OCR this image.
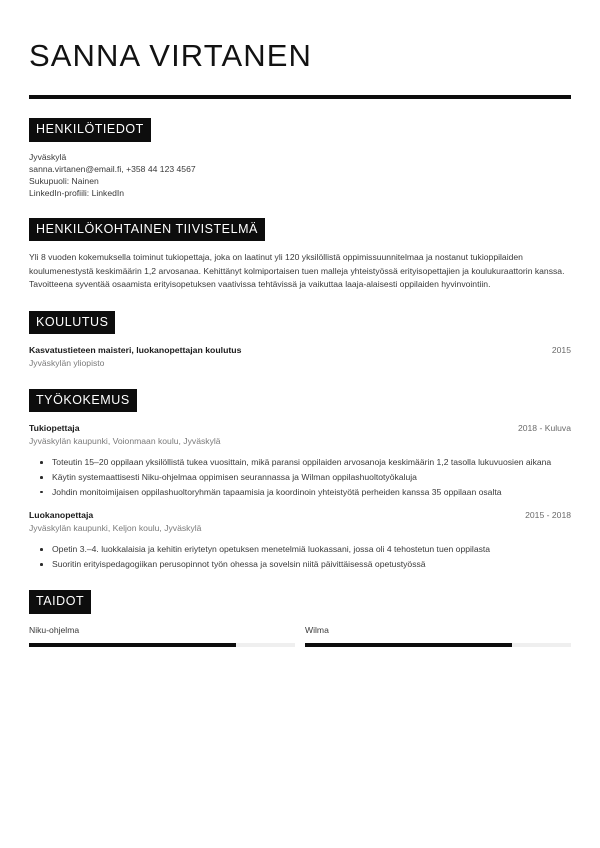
SANNA VIRTANEN
HENKILÖTIEDOT
Jyväskylä
sanna.virtanen@email.fi, +358 44 123 4567
Sukupuoli: Nainen
LinkedIn-profiili: LinkedIn
HENKILÖKOHTAINEN TIIVISTELMÄ

Yli 8 vuoden kokemuksella toiminut tukiopettaja, joka on laatinut yli 120 yksilöllistä oppimissuunnitelmaa ja nostanut tukioppilaiden koulumenestystä keskimäärin 1,2 arvosanaa. Kehittänyt kolmiportaisen tuen malleja yhteistyössä erityisopettajien ja koulukuraattorin kanssa. Tavoitteena syventää osaamista erityisopetuksen vaativissa tehtävissä ja vaikuttaa laaja-alaisesti oppilaiden hyvinvointiin.

KOULUTUS
Kasvatustieteen maisteri, luokanopettajan koulutus	2015
Jyväskylän yliopisto
TYÖKOKEMUS
Tukiopettaja	2018 - Kuluva
Jyväskylän kaupunki, Voionmaan koulu, Jyväskylä
Toteutin 15–20 oppilaan yksilöllistä tukea vuosittain, mikä paransi oppilaiden arvosanoja keskimäärin 1,2 tasolla lukuvuosien aikana
Käytin systemaattisesti Niku-ohjelmaa oppimisen seurannassa ja Wilman oppilashuoltotyökaluja
Johdin monitoimijaisen oppilashuoltoryhmän tapaamisia ja koordinoin yhteistyötä perheiden kanssa 35 oppilaan osalta
Luokanopettaja	2015 - 2018
Jyväskylän kaupunki, Keljon koulu, Jyväskylä
Opetin 3.–4. luokkalaisia ja kehitin eriytetyn opetuksen menetelmiä luokassani, jossa oli 4 tehostetun tuen oppilasta
Suoritin erityispedagogiikan perusopinnot työn ohessa ja sovelsin niitä päivittäisessä opetustyössä
TAIDOT
Niku-ohjelma	Wilma
